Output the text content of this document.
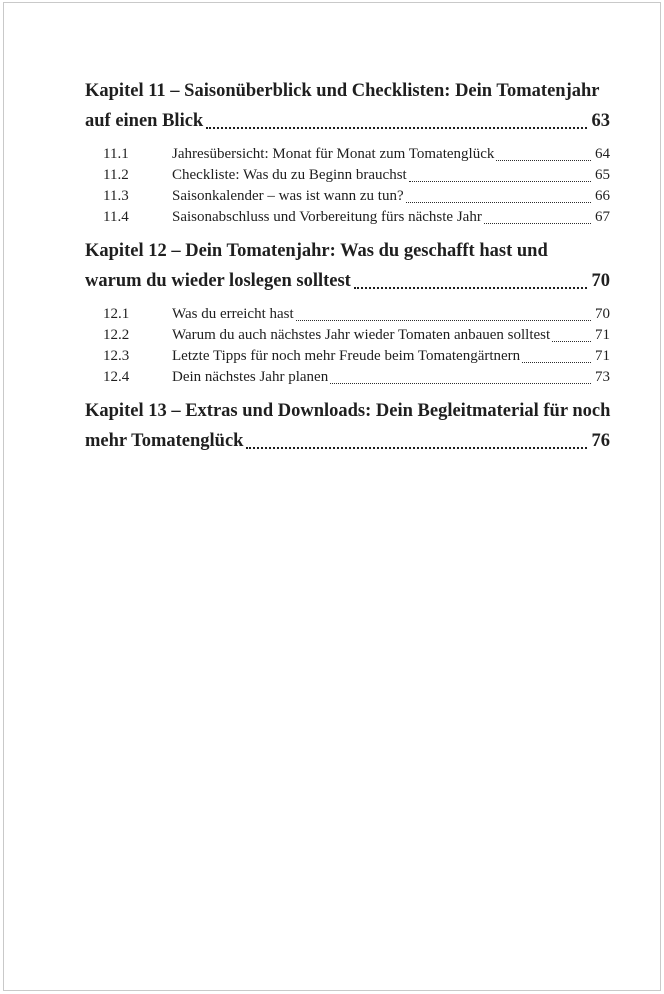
Kapitel 11 – Saisonüberblick und Checklisten: Dein Tomatenjahr
auf einen Blick	63
11.1	Jahresübersicht: Monat für Monat zum Tomatenglück	64
11.2	Checkliste: Was du zu Beginn brauchst	65
11.3	Saisonkalender – was ist wann zu tun?	66
11.4	Saisonabschluss und Vorbereitung fürs nächste Jahr	67
Kapitel 12 – Dein Tomatenjahr: Was du geschafft hast und
warum du wieder loslegen solltest	70
12.1	Was du erreicht hast	70
12.2	Warum du auch nächstes Jahr wieder Tomaten anbauen solltest	71
12.3	Letzte Tipps für noch mehr Freude beim Tomatengärtnern	71
12.4	Dein nächstes Jahr planen	73
Kapitel 13 – Extras und Downloads: Dein Begleitmaterial für noch
mehr Tomatenglück	76
